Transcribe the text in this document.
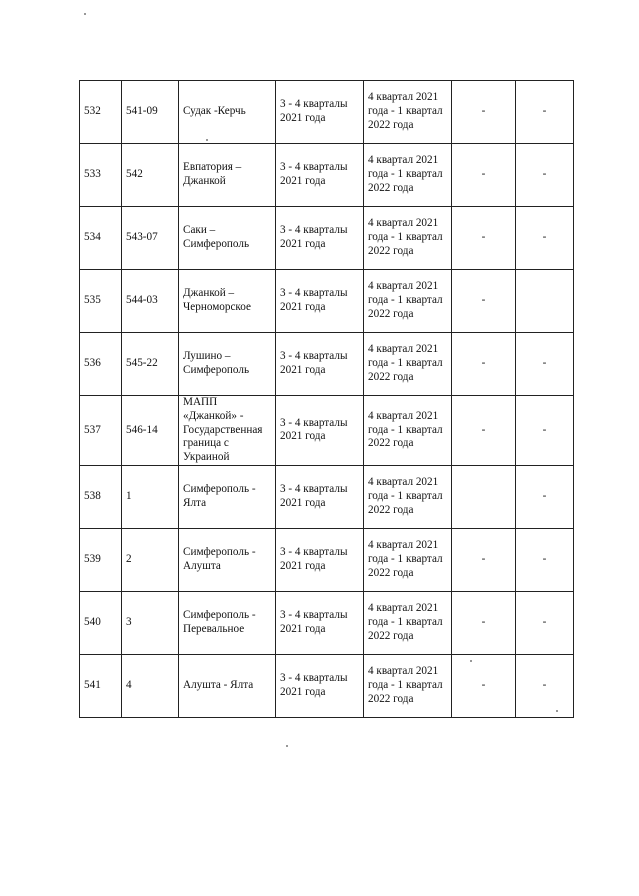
532	541-09	Судак -Керчь	3 - 4 кварталы 2021 года	4 квартал 2021 года - 1 квартал 2022 года	-	-
533	542	Евпатория – Джанкой	3 - 4 кварталы 2021 года	4 квартал 2021 года - 1 квартал 2022 года	-	-
534	543-07	Саки – Симферополь	3 - 4 кварталы 2021 года	4 квартал 2021 года - 1 квартал 2022 года	-	-
535	544-03	Джанкой – Черноморское	3 - 4 кварталы 2021 года	4 квартал 2021 года - 1 квартал 2022 года	-	
536	545-22	Лушино – Симферополь	3 - 4 кварталы 2021 года	4 квартал 2021 года - 1 квартал 2022 года	-	-
537	546-14	МАПП «Джанкой» - Государственная граница с Украиной	3 - 4 кварталы 2021 года	4 квартал 2021 года - 1 квартал 2022 года	-	-
538	1	Симферополь - Ялта	3 - 4 кварталы 2021 года	4 квартал 2021 года - 1 квартал 2022 года		-
539	2	Симферополь - Алушта	3 - 4 кварталы 2021 года	4 квартал 2021 года - 1 квартал 2022 года	-	-
540	3	Симферополь - Перевальное	3 - 4 кварталы 2021 года	4 квартал 2021 года - 1 квартал 2022 года	-	-
541	4	Алушта - Ялта	3 - 4 кварталы 2021 года	4 квартал 2021 года - 1 квартал 2022 года	-	-
